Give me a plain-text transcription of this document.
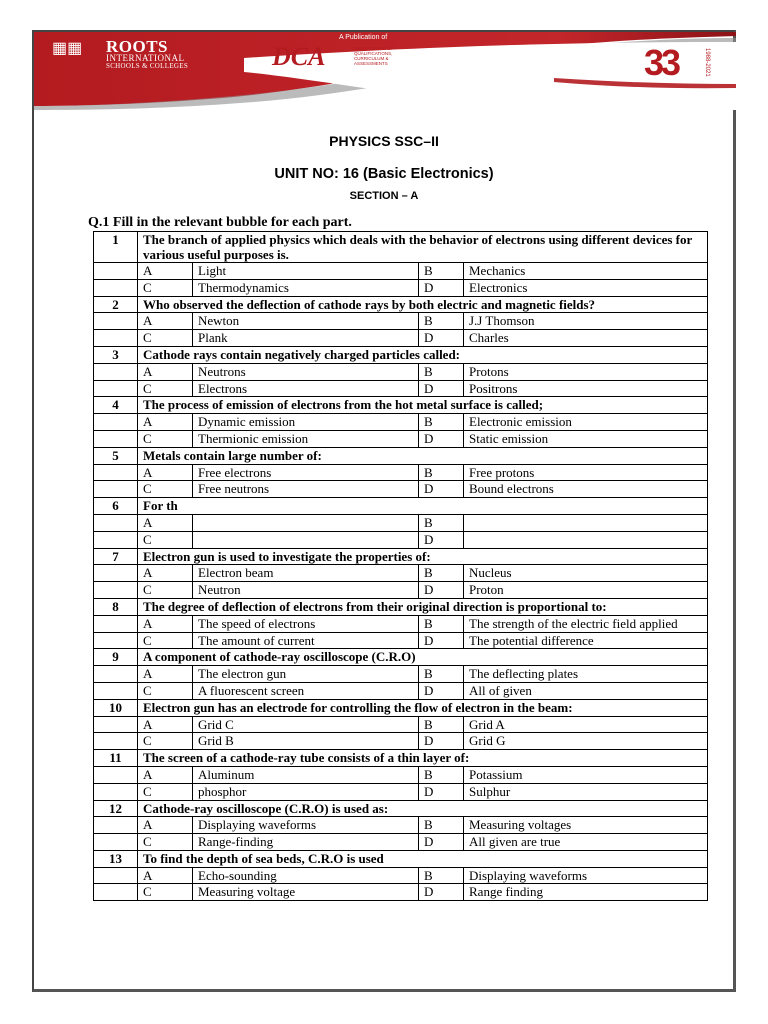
▦▦ ROOTS
INTERNATIONAL
SCHOOLS & COLLEGES
A Publication of
DCA	DIRECTORATE OF QUALIFICATIONS, CURRICULUM & ASSESSMENTS	33	1988-2021
PHYSICS SSC–II
UNIT NO: 16 (Basic Electronics)
SECTION – A
Q.1 Fill in the relevant bubble for each part.
1	The branch of applied physics which deals with the behavior of electrons using different devices for various useful purposes is.			
	A	Light	B	Mechanics
	C	Thermodynamics	D	Electronics
2	Who observed the deflection of cathode rays by both electric and magnetic fields?			
	A	Newton	B	J.J Thomson
	C	Plank	D	Charles
3	Cathode rays contain negatively charged particles called:			
	A	Neutrons	B	Protons
	C	Electrons	D	Positrons
4	The process of emission of electrons from the hot metal surface is called;			
	A	Dynamic emission	B	Electronic emission
	C	Thermionic emission	D	Static emission
5	Metals contain large number of:			
	A	Free electrons	B	Free protons
	C	Free neutrons	D	Bound electrons
6	For th			
	A		B	
	C		D	
7	Electron gun is used to investigate the properties of:			
	A	Electron beam	B	Nucleus
	C	Neutron	D	Proton
8	The degree of deflection of electrons from their original direction is proportional to:			
	A	The speed of electrons	B	The strength of the electric field applied
	C	The amount of current	D	The potential difference
9	A component of cathode-ray oscilloscope (C.R.O)			
	A	The electron gun	B	The deflecting plates
	C	A fluorescent screen	D	All of given
10	Electron gun has an electrode for controlling the flow of electron in the beam:			
	A	Grid C	B	Grid A
	C	Grid B	D	Grid G
11	The screen of a cathode-ray tube consists of a thin layer of:			
	A	Aluminum	B	Potassium
	C	phosphor	D	Sulphur
12	Cathode-ray oscilloscope (C.R.O) is used as:			
	A	Displaying waveforms	B	Measuring voltages
	C	Range-finding	D	All given are true
13	To find the depth of sea beds, C.R.O is used			
	A	Echo-sounding	B	Displaying waveforms
	C	Measuring voltage	D	Range finding
